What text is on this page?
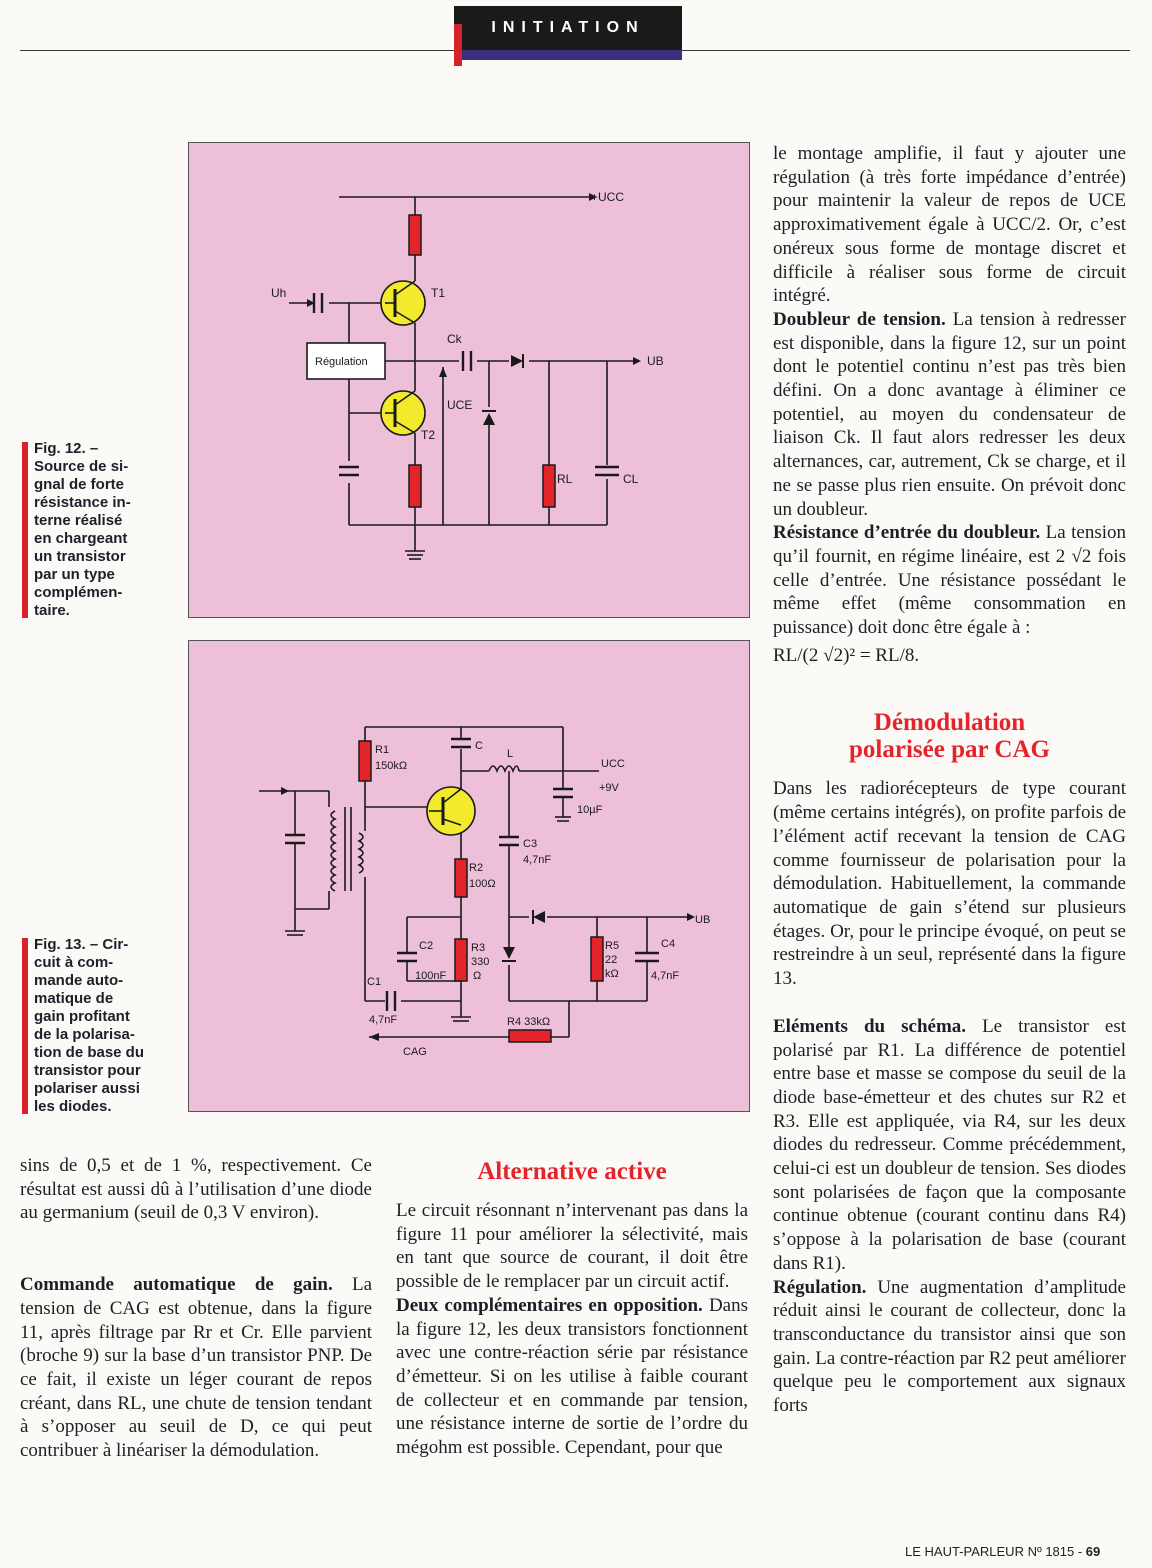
INITIATION
+UCC
T1
Uh
Ck
UB
Régulation
UCE
T2
RL	CL
Fig. 12. –
Source de si-
gnal de forte
résistance in-
terne réalisé
en chargeant
un transistor
par un type
complémen-
taire.
R1
150kΩ
C
L
UCC
+9V
10µF
C3
4,7nF
R2
100Ω
UB
C2
100nF
R3
330
Ω
R5
22
kΩ
C4
4,7nF
C1
4,7nF	R4 33kΩ
CAG
Fig. 13. – Cir-
cuit à com-
mande auto-
matique de
gain profitant
de la polarisa-
tion de base du
transistor pour
polariser aussi
les diodes.

sins de 0,5 et de 1 %, respectivement. Ce résultat est aussi dû à l’utilisation d’une diode au germanium (seuil de 0,3 V environ).

Commande automatique de gain. La tension de CAG est obtenue, dans la figure 11, après filtrage par Rr et Cr. Elle parvient (broche 9) sur la base d’un transistor PNP. De ce fait, il existe un léger courant de repos créant, dans RL, une chute de tension tendant à s’opposer au seuil de D, ce qui peut contribuer à linéariser la démodulation.

Alternative active

Le circuit résonnant n’intervenant pas dans la figure 11 pour améliorer la sélectivité, mais en tant que source de courant, il doit être possible de le remplacer par un circuit actif.

Deux complémentaires en opposition. Dans la figure 12, les deux transistors fonctionnent avec une contre-réaction série par résistance d’émetteur. Si on les utilise à faible courant de collecteur et en commande par tension, une résistance interne de sortie de l’ordre du mégohm est possible. Cependant, pour que

le montage amplifie, il faut y ajouter une régulation (à très forte impédance d’entrée) pour maintenir la valeur de repos de UCE approximativement égale à UCC/2. Or, c’est onéreux sous forme de montage discret et difficile à réaliser sous forme de circuit intégré.

Doubleur de tension. La tension à redresser est disponible, dans la figure 12, sur un point dont le potentiel continu n’est pas très bien défini. On a donc avantage à éliminer ce potentiel, au moyen du condensateur de liaison Ck. Il faut alors redresser les deux alternances, car, autrement, Ck se charge, et il ne se passe plus rien ensuite. On prévoit donc un doubleur.

Résistance d’entrée du doubleur. La tension qu’il fournit, en régime linéaire, est 2 √2 fois celle d’entrée. Une résistance possédant le même effet (même consommation en puissance) doit donc être égale à :

RL/(2 √2)² = RL/8.

Démodulation
polarisée par CAG

Dans les radiorécepteurs de type courant (même certains intégrés), on profite parfois de l’élément actif recevant la tension de CAG comme fournisseur de polarisation pour la démodulation. Habituellement, la commande automatique de gain s’étend sur plusieurs étages. Or, pour le principe évoqué, on peut se restreindre à un seul, représenté dans la figure 13.

Eléments du schéma. Le transistor est polarisé par R1. La différence de potentiel entre base et masse se compose du seuil de la diode base-émetteur et des chutes sur R2 et R3. Elle est appliquée, via R4, sur les deux diodes du redresseur. Comme précédemment, celui-ci est un doubleur de tension. Ses diodes sont polarisées de façon que la composante continue obtenue (courant continu dans R4) s’oppose à la polarisation de base (courant dans R1).

Régulation. Une augmentation d’amplitude réduit ainsi le courant de collecteur, donc la transconductance du transistor ainsi que son gain. La contre-réaction par R2 peut améliorer quelque peu le comportement aux signaux forts

LE HAUT-PARLEUR Nº 1815 - 69
